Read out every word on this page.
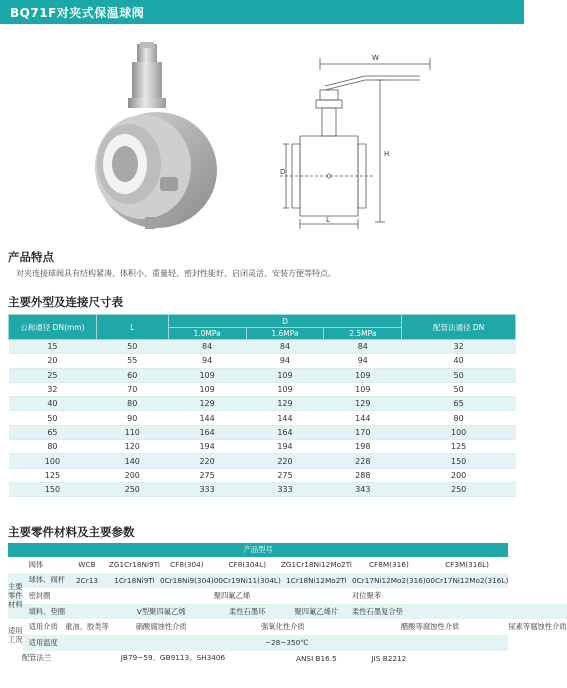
BQ71F对夹式保温球阀
W
H
D
L
产品特点
对夹连接球阀具有结构紧凑、体积小、重量轻、密封性能好、启闭灵活、安装方便等特点。
主要外型及连接尺寸表
公称通径 DN(mm)	L	D			配管法通径 DN
		1.0MPa	1.6MPa	2.5MPa	
15	50	84	84	84	32
20	55	94	94	94	40
25	60	109	109	109	50
32	70	109	109	109	50
40	80	129	129	129	65
50	90	144	144	144	80
65	110	164	164	170	100
80	120	194	194	198	125
100	140	220	220	228	150
125	200	275	275	288	200
150	250	333	333	343	250
主要零件材料及主要参数
产品型号									
	阀体	WCB	ZG1Cr18Ni9Ti	CF8(304)	CF8(304L)	ZG1Cr18Ni12Mo2Ti	CF8M(316)	CF3M(316L)	
主要
零件
材料	球体、阀杆	2Cr13	1Cr18Ni9Ti	0Cr18Ni9(304)	00Cr19Ni11(304L)	1Cr18Ni12Mo2Ti	0Cr17Ni12Mo2(316)	00Cr17Ni12Mo2(316L)	
	密封圈				聚四氟乙烯		对位聚苯		
	填料、垫圈		V型聚四氟乙烯		柔性石墨环	聚四氟乙烯片	柔性石墨复合垫		
适用
工况	适用介质	重油、胶类等	硝酸腐蚀性介质		强氧化性介质		醋酸等腐蚀性介质		尿素等腐蚀性介质
	适用温度	−28~350℃							
配管法兰		JB79−59、GB9113、SH3406				ANSI B16.5	JIS B2212		
